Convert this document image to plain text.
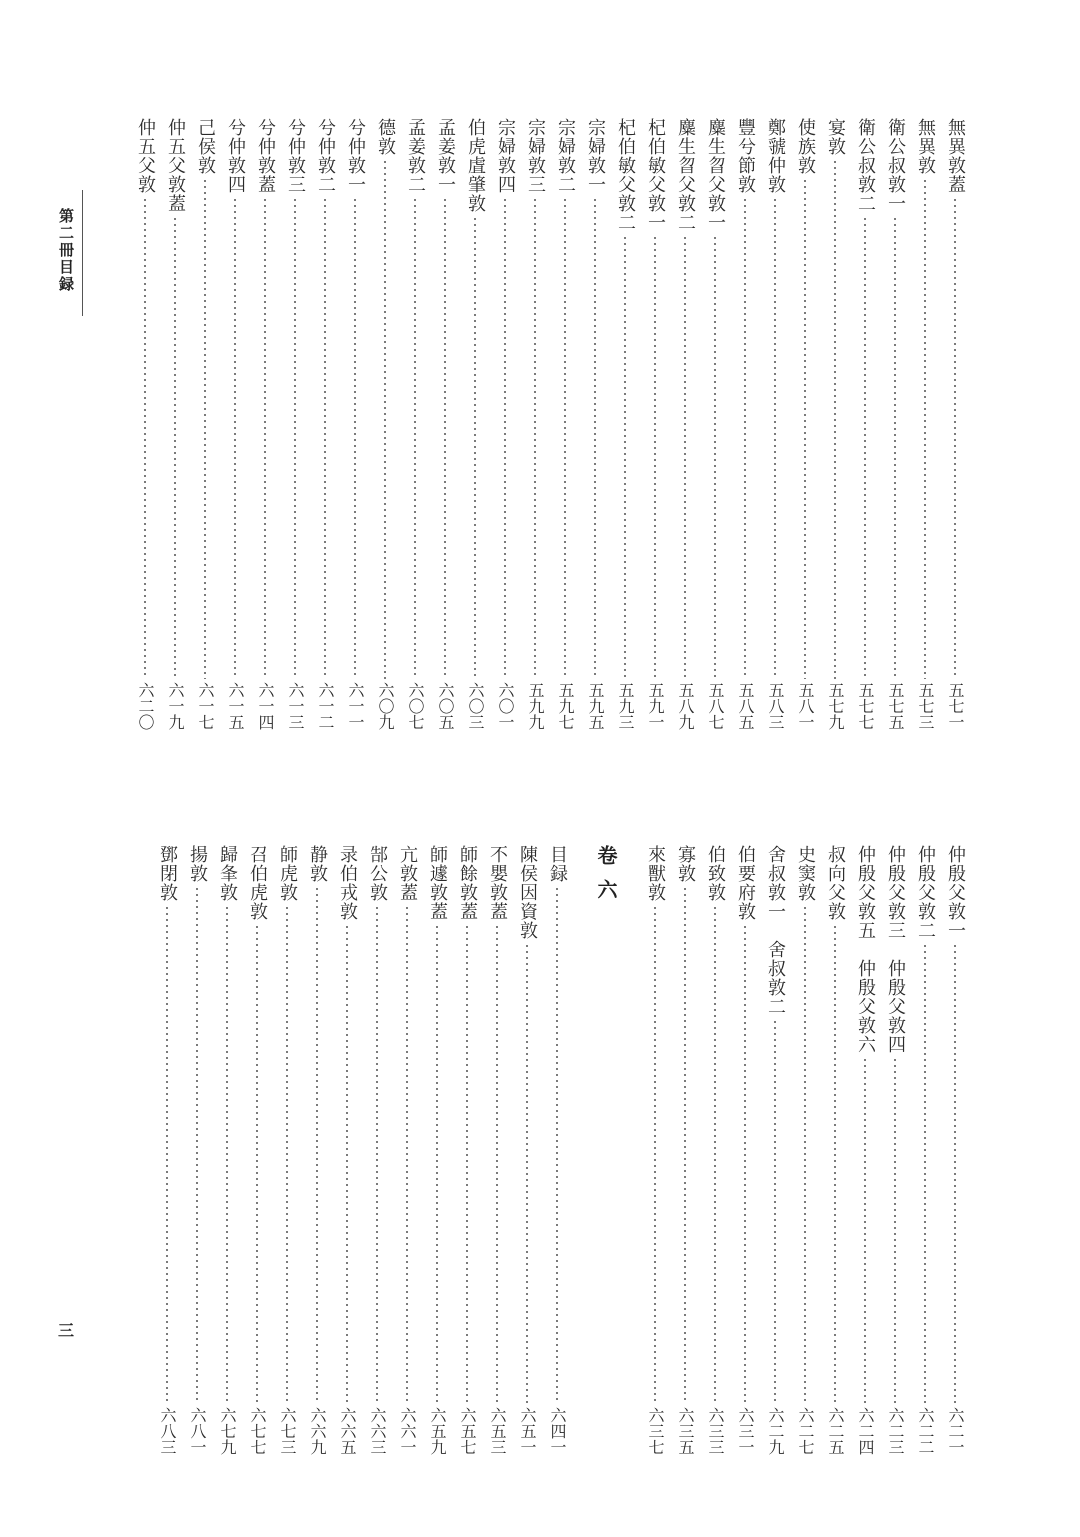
第二冊目録
三
無異敦蓋
五七一
無異敦
五七三
衛公叔敦一
五七五
衛公叔敦二
五七七
宴敦
五七九
使族敦
五八一
鄭虢仲敦
五八三
豐兮節敦
五八五
麋生曶父敦一
五八七
麋生曶父敦二
五八九
杞伯敏父敦一
五九一
杞伯敏父敦二
五九三
宗婦敦一
五九五
宗婦敦二
五九七
宗婦敦三
五九九
宗婦敦四
六〇一
伯虎虘肇敦
六〇三
孟姜敦一
六〇五
孟姜敦二
六〇七
德敦
六〇九
兮仲敦一
六一一
兮仲敦二
六一二
兮仲敦三
六一三
兮仲敦蓋
六一四
兮仲敦四
六一五
己侯敦
六一七
仲五父敦蓋
六一九
仲五父敦
六二〇
仲殷父敦一
六二一
仲殷父敦二
六二二
仲殷父敦三　仲殷父敦四
六二三
仲殷父敦五　仲殷父敦六
六二四
叔向父敦
六二五
史窦敦
六二七
舍叔敦一　舍叔敦二
六二九
伯要府敦
六三一
伯致敦
六三三
寡敦
六三五
來獸敦
六三七
卷六
目録
六四一
陳侯因資敦
六五一
不嬰敦蓋
六五三
師餘敦蓋
六五七
師遽敦蓋
六五九
亢敦蓋
六六一
郜公敦
六六三
录伯戎敦
六六五
静敦
六六九
師虎敦
六七三
召伯虎敦
六七七
歸夆敦
六七九
揚敦
六八一
鄧閉敦
六八三
